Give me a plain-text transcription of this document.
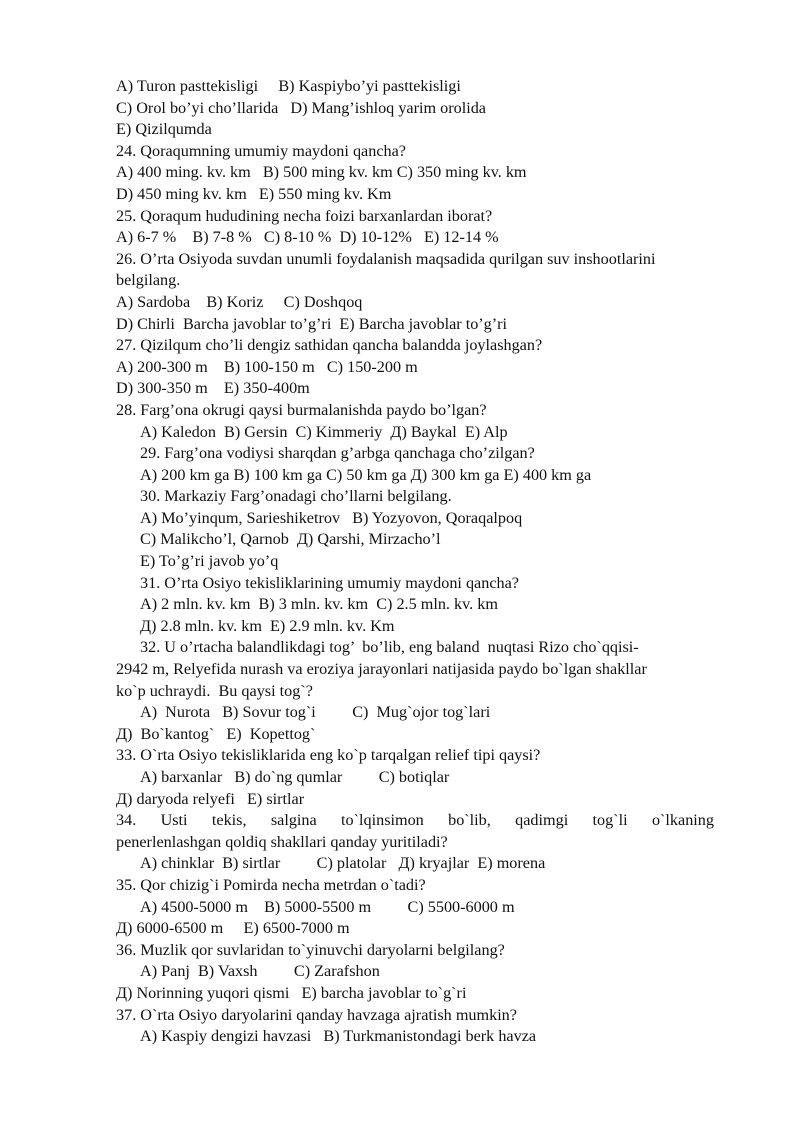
A) Turon pasttekisligi     B) Kaspiybo’yi pasttekisligi
C) Orol bo’yi cho’llarida   D) Mang’ishloq yarim orolida
E) Qizilqumda
24. Qoraqumning umumiy maydoni qancha?
A) 400 ming. kv. km   B) 500 ming kv. km C) 350 ming kv. km
D) 450 ming kv. km   E) 550 ming kv. Km
25. Qoraqum hududining necha foizi barxanlardan iborat?
A) 6-7 %    B) 7-8 %   C) 8-10 %  D) 10-12%   E) 12-14 %
26. O’rta Osiyoda suvdan unumli foydalanish maqsadida qurilgan suv inshootlarini
belgilang.
A) Sardoba    B) Koriz     C) Doshqoq
D) Chirli  Barcha javoblar to’g’ri  E) Barcha javoblar to’g’ri
27. Qizilqum cho’li dengiz sathidan qancha balandda joylashgan?
A) 200-300 m    B) 100-150 m   C) 150-200 m
D) 300-350 m    E) 350-400m
28. Farg’ona okrugi qaysi burmalanishda paydo bo’lgan?
A) Kaledon  B) Gersin  C) Kimmeriy  Д) Baykal  E) Alp
29. Farg’ona vodiysi sharqdan g’arbga qanchaga cho’zilgan?
A) 200 km ga B) 100 km ga C) 50 km ga Д) 300 km ga E) 400 km ga
30. Markaziy Farg’onadagi cho’llarni belgilang.
A) Mo’yinqum, Sarieshiketrov   B) Yozyovon, Qoraqalpoq
C) Malikcho’l, Qarnob  Д) Qarshi, Mirzacho’l
E) To’g’ri javob yo’q
31. O’rta Osiyo tekisliklarining umumiy maydoni qancha?
A) 2 mln. kv. km  B) 3 mln. kv. km  C) 2.5 mln. kv. km
Д) 2.8 mln. kv. km  E) 2.9 mln. kv. Km
32. U o’rtacha balandlikdagi tog’  bo’lib, eng baland  nuqtasi Rizo cho`qqisi-
2942 m, Relyefida nurash va eroziya jarayonlari natijasida paydo bo`lgan shakllar
ko`p uchraydi.  Bu qaysi tog`?
A)  Nurota   B) Sovur tog`i         C)  Mug`ojor tog`lari
Д)  Bo`kantog`   E)  Kopettog`
33. O`rta Osiyo tekisliklarida eng ko`p tarqalgan relief tipi qaysi?
A) barxanlar   B) do`ng qumlar         C) botiqlar
Д) daryoda relyefi   E) sirtlar
34. Usti tekis, salgina to`lqinsimon bo`lib, qadimgi tog`li o`lkaning
penerlenlashgan qoldiq shakllari qanday yuritiladi?
A) chinklar  B) sirtlar         C) platolar   Д) kryajlar  E) morena
35. Qor chizig`i Pomirda necha metrdan o`tadi?
A) 4500-5000 m    B) 5000-5500 m         C) 5500-6000 m
Д) 6000-6500 m     E) 6500-7000 m
36. Muzlik qor suvlaridan to`yinuvchi daryolarni belgilang?
A) Panj  B) Vaxsh         C) Zarafshon
Д) Norinning yuqori qismi   E) barcha javoblar to`g`ri
37. O`rta Osiyo daryolarini qanday havzaga ajratish mumkin?
A) Kaspiy dengizi havzasi   B) Turkmanistondagi berk havza
